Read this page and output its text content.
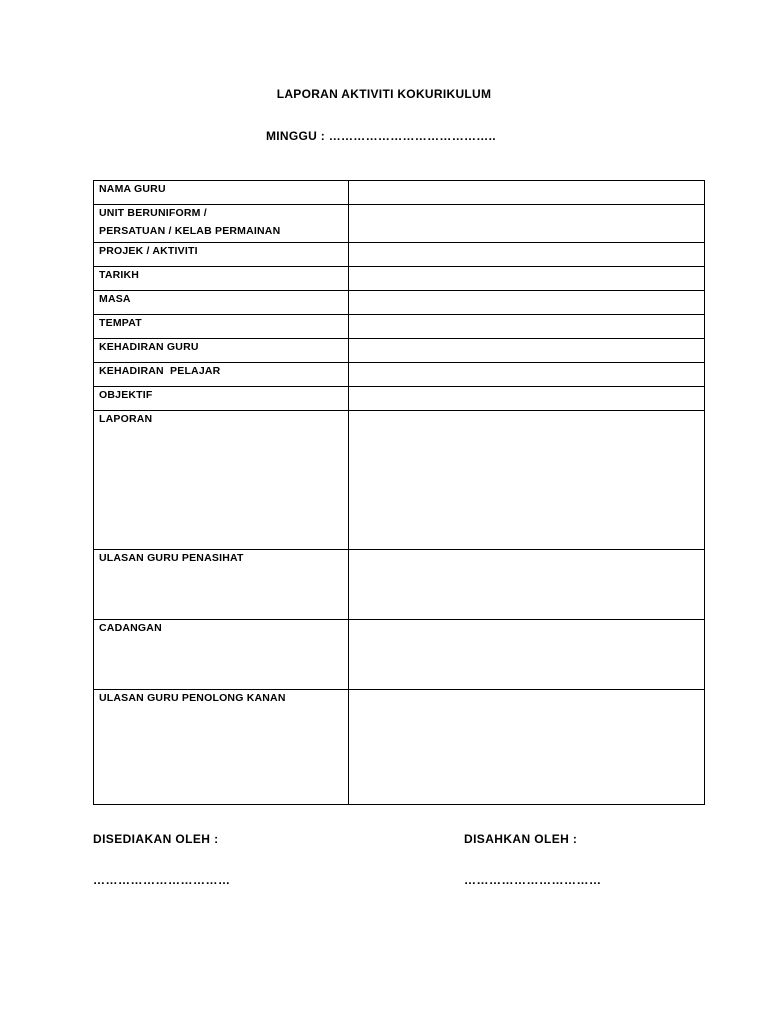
LAPORAN AKTIVITI KOKURIKULUM
MINGGU : …………………………………..
NAMA GURU	

UNIT BERUNIFORM /
PERSATUAN / KELAB PERMAINAN	

PROJEK / AKTIVITI	

TARIKH	

MASA	

TEMPAT	

KEHADIRAN GURU	

KEHADIRAN  PELAJAR	

OBJEKTIF	

LAPORAN	

ULASAN GURU PENASIHAT	

CADANGAN	

ULASAN GURU PENOLONG KANAN	

DISEDIAKAN OLEH :	DISAHKAN OLEH :
……………………………	……………………………
